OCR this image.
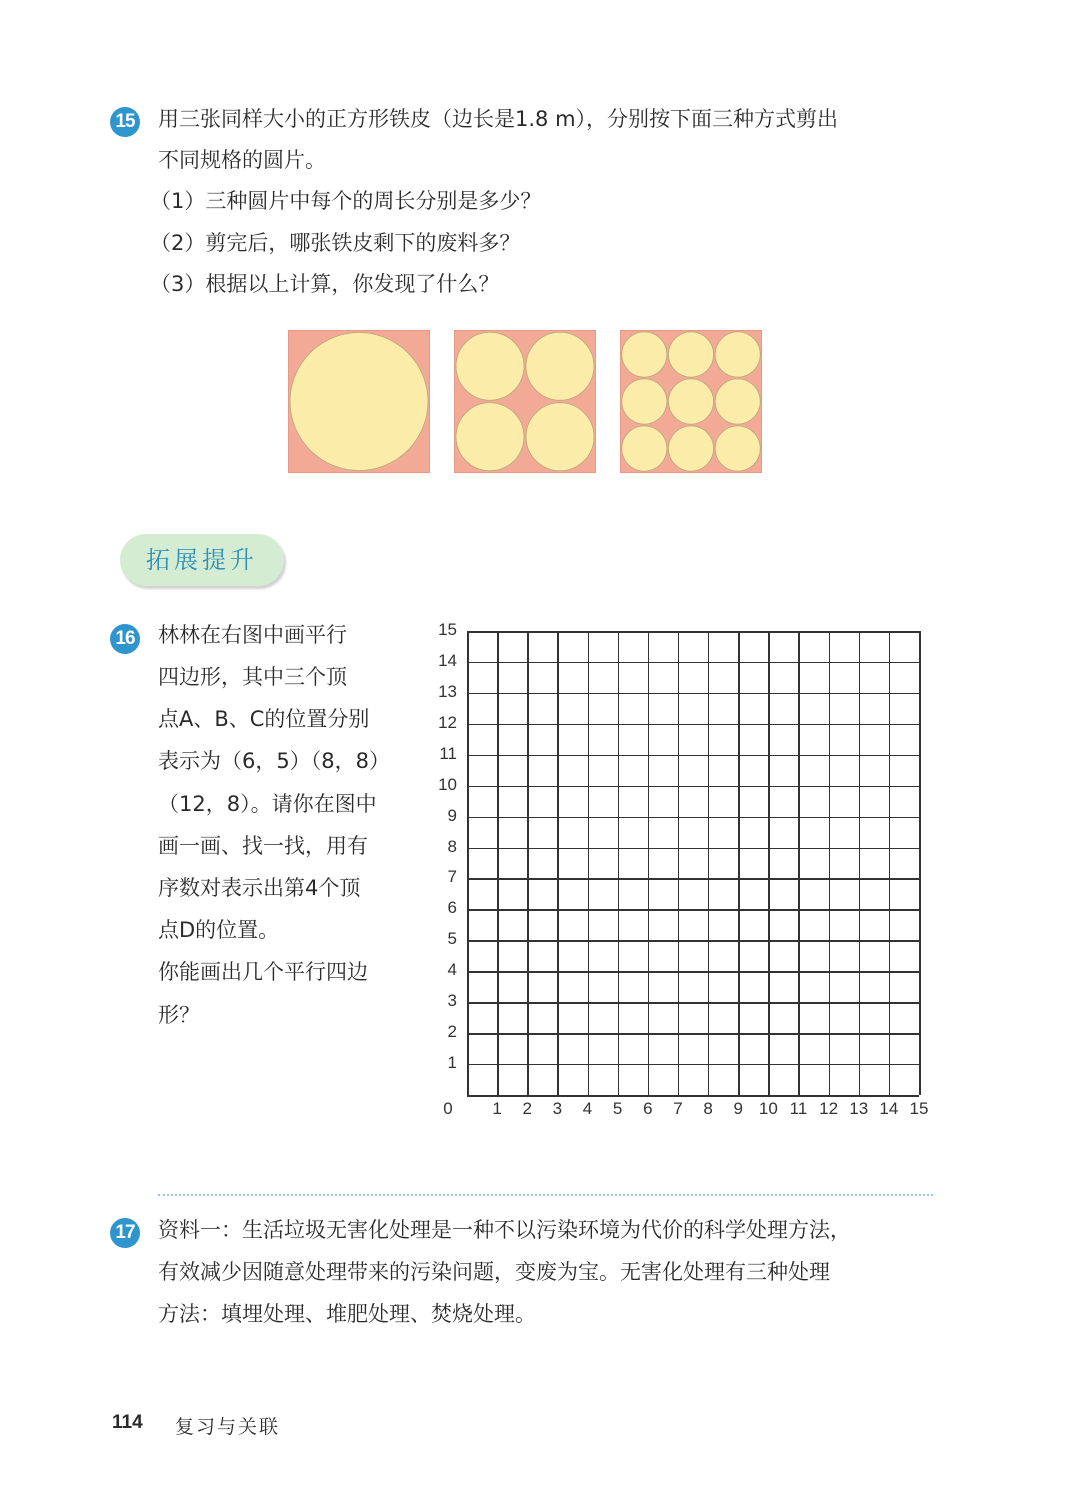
15 用三张同样大小的正方形铁皮（边长是1.8 m），分别按下面三种方式剪出
不同规格的圆片。
（1）三种圆片中每个的周长分别是多少？
（2）剪完后，哪张铁皮剩下的废料多？
（3）根据以上计算，你发现了什么？
拓展提升
16 林林在右图中画平行
四边形，其中三个顶
点A、B、C的位置分别
表示为（6，5）（8，8）
（12，8）。请你在图中
画一画、找一找，用有
序数对表示出第4个顶
点D的位置。
你能画出几个平行四边
形？
15
14
13
12
11
10
9
8
7
6
5
4
3
2
1
1	2	3	4	5	6	7	8	9 10 11 12 13 14 15
0
17 资料一：生活垃圾无害化处理是一种不以污染环境为代价的科学处理方法，
有效减少因随意处理带来的污染问题，变废为宝。无害化处理有三种处理
方法：填埋处理、堆肥处理、焚烧处理。
114 复习与关联
